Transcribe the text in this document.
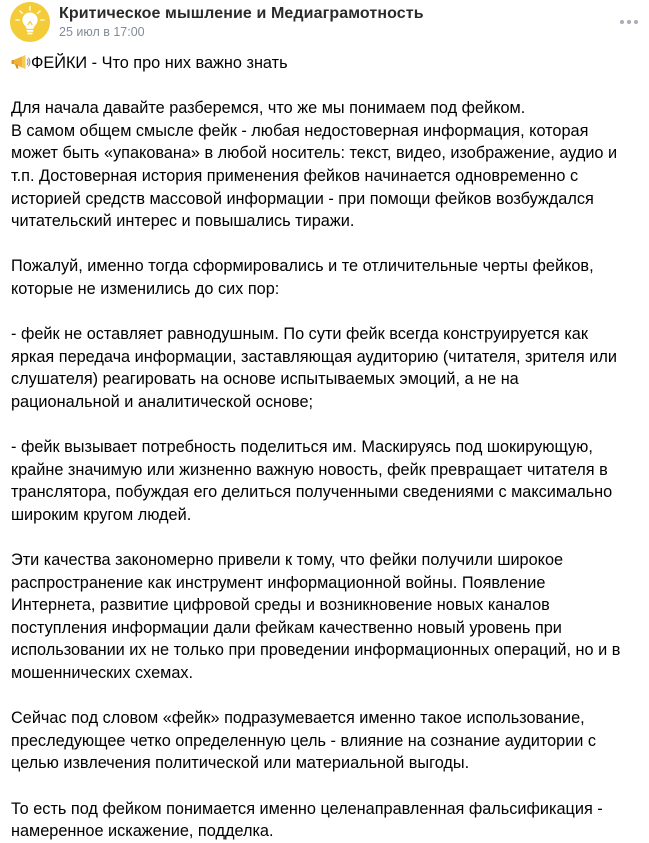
Критическое мышление и Медиаграмотность
25 июл в 17:00
ФЕЙКИ - Что про них важно знать
Для начала давайте разберемся, что же мы понимаем под фейком.
В самом общем смысле фейк - любая недостоверная информация, которая
может быть «упакована» в любой носитель: текст, видео, изображение, аудио и
т.п. Достоверная история применения фейков начинается одновременно с
историей средств массовой информации - при помощи фейков возбуждался
читательский интерес и повышались тиражи.
Пожалуй, именно тогда сформировались и те отличительные черты фейков,
которые не изменились до сих пор:
- фейк не оставляет равнодушным. По сути фейк всегда конструируется как
яркая передача информации, заставляющая аудиторию (читателя, зрителя или
слушателя) реагировать на основе испытываемых эмоций, а не на
рациональной и аналитической основе;
- фейк вызывает потребность поделиться им. Маскируясь под шокирующую,
крайне значимую или жизненно важную новость, фейк превращает читателя в
транслятора, побуждая его делиться полученными сведениями с максимально
широким кругом людей.
Эти качества закономерно привели к тому, что фейки получили широкое
распространение как инструмент информационной войны. Появление
Интернета, развитие цифровой среды и возникновение новых каналов
поступления информации дали фейкам качественно новый уровень при
использовании их не только при проведении информационных операций, но и в
мошеннических схемах.
Сейчас под словом «фейк» подразумевается именно такое использование,
преследующее четко определенную цель - влияние на сознание аудитории с
целью извлечения политической или материальной выгоды.
То есть под фейком понимается именно целенаправленная фальсификация -
намеренное искажение, подделка.
